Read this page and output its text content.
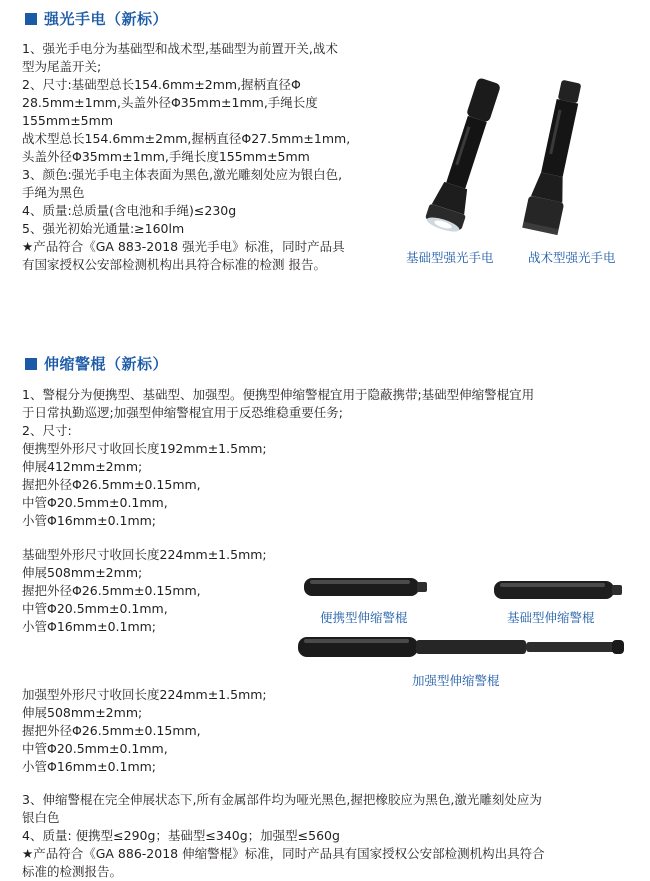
强光手电（新标）

1、强光手电分为基础型和战术型,基础型为前置开关,战术

型为尾盖开关;

2、尺寸:基础型总长154.6mm±2mm,握柄直径Φ

28.5mm±1mm,头盖外径Φ35mm±1mm,手绳长度

155mm±5mm

战术型总长154.6mm±2mm,握柄直径Φ27.5mm±1mm,

头盖外径Φ35mm±1mm,手绳长度155mm±5mm

3、颜色:强光手电主体表面为黑色,激光雕刻处应为银白色,

手绳为黑色

4、质量:总质量(含电池和手绳)≤230g

5、强光初始光通量:≥160lm

★产品符合《GA 883-2018 强光手电》标准，同时产品具

有国家授权公安部检测机构出具符合标准的检测 报告。	基础型强光手电	战术型强光手电
伸缩警棍（新标）

1、警棍分为便携型、基础型、加强型。便携型伸缩警棍宜用于隐蔽携带;基础型伸缩警棍宜用

于日常执勤巡逻;加强型伸缩警棍宜用于反恐维稳重要任务;

2、尺寸:

便携型外形尺寸收回长度192mm±1.5mm;

伸展412mm±2mm;

握把外径Φ26.5mm±0.15mm,

中管Φ20.5mm±0.1mm,

小管Φ16mm±0.1mm;

基础型外形尺寸收回长度224mm±1.5mm;

伸展508mm±2mm;

握把外径Φ26.5mm±0.15mm,

中管Φ20.5mm±0.1mm,

小管Φ16mm±0.1mm;

加强型外形尺寸收回长度224mm±1.5mm;

伸展508mm±2mm;

握把外径Φ26.5mm±0.15mm,

中管Φ20.5mm±0.1mm,

小管Φ16mm±0.1mm;

3、伸缩警棍在完全伸展状态下,所有金属部件均为哑光黑色,握把橡胶应为黑色,激光雕刻处应为

银白色

4、质量: 便携型≤290g；基础型≤340g；加强型≤560g

★产品符合《GA 886-2018 伸缩警棍》标准，同时产品具有国家授权公安部检测机构出具符合

标准的检测报告。

便携型伸缩警棍	基础型伸缩警棍
加强型伸缩警棍
